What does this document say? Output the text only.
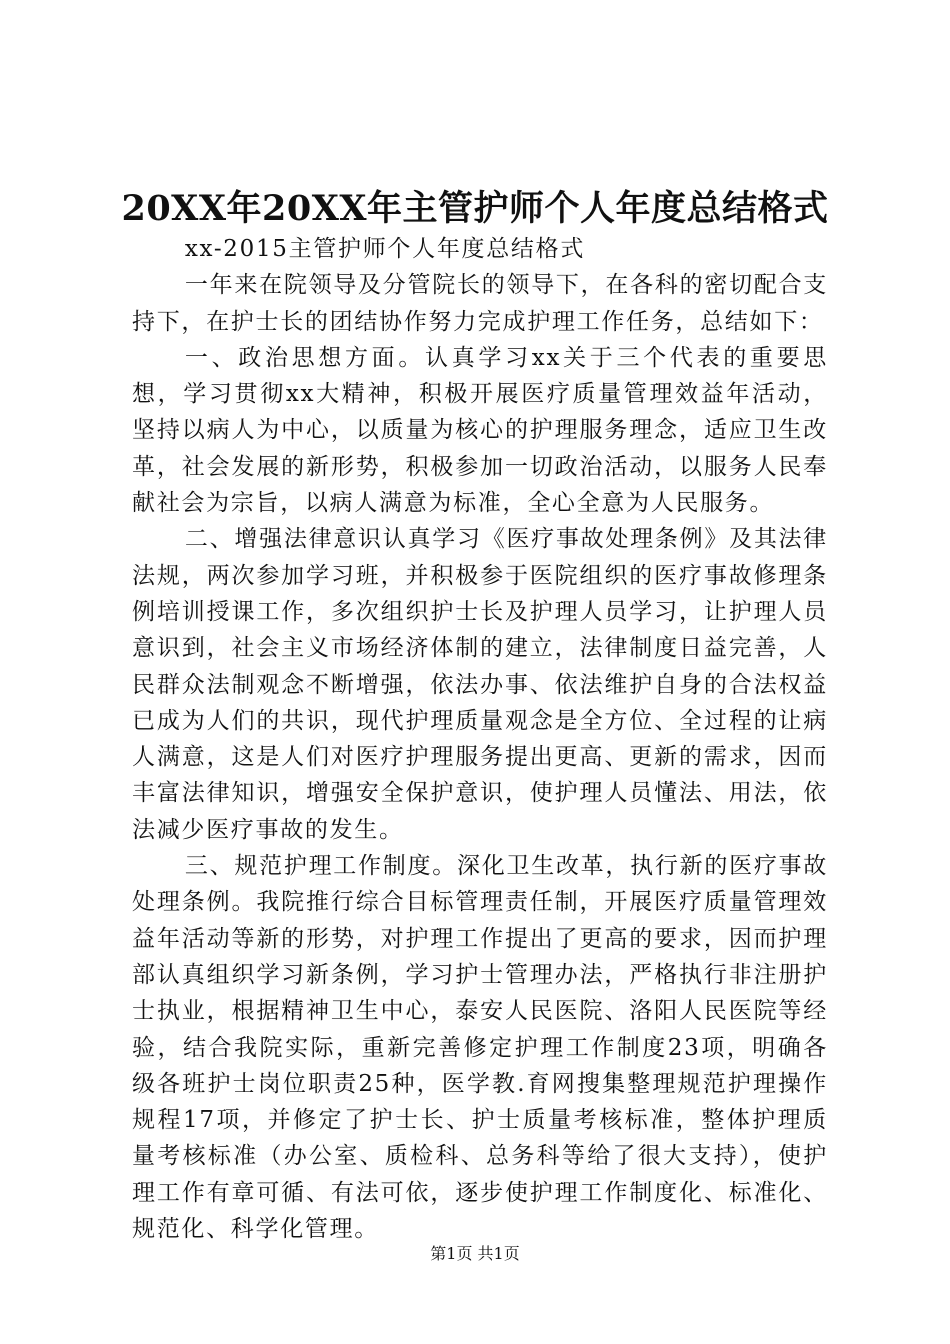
20XX年20XX年主管护师个人年度总结格式

xx-2015主管护师个人年度总结格式

一年来在院领导及分管院长的领导下，在各科的密切配合支持下，在护士长的团结协作努力完成护理工作任务，总结如下：

一、政治思想方面。认真学习xx关于三个代表的重要思想，学习贯彻xx大精神，积极开展医疗质量管理效益年活动，坚持以病人为中心，以质量为核心的护理服务理念，适应卫生改革，社会发展的新形势，积极参加一切政治活动，以服务人民奉献社会为宗旨，以病人满意为标准，全心全意为人民服务。

二、增强法律意识认真学习《医疗事故处理条例》及其法律法规，两次参加学习班，并积极参于医院组织的医疗事故修理条例培训授课工作，多次组织护士长及护理人员学习，让护理人员意识到，社会主义市场经济体制的建立，法律制度日益完善，人民群众法制观念不断增强，依法办事、依法维护自身的合法权益已成为人们的共识，现代护理质量观念是全方位、全过程的让病人满意，这是人们对医疗护理服务提出更高、更新的需求，因而丰富法律知识，增强安全保护意识，使护理人员懂法、用法，依法减少医疗事故的发生。

三、规范护理工作制度。深化卫生改革，执行新的医疗事故处理条例。我院推行综合目标管理责任制，开展医疗质量管理效益年活动等新的形势，对护理工作提出了更高的要求，因而护理部认真组织学习新条例，学习护士管理办法，严格执行非注册护士执业，根据精神卫生中心，泰安人民医院、洛阳人民医院等经验，结合我院实际，重新完善修定护理工作制度23项，明确各级各班护士岗位职责25种，医学教.育网搜集整理规范护理操作规程17项，并修定了护士长、护士质量考核标准，整体护理质量考核标准（办公室、质检科、总务科等给了很大支持），使护理工作有章可循、有法可依，逐步使护理工作制度化、标准化、规范化、科学化管理。

第1页 共1页
